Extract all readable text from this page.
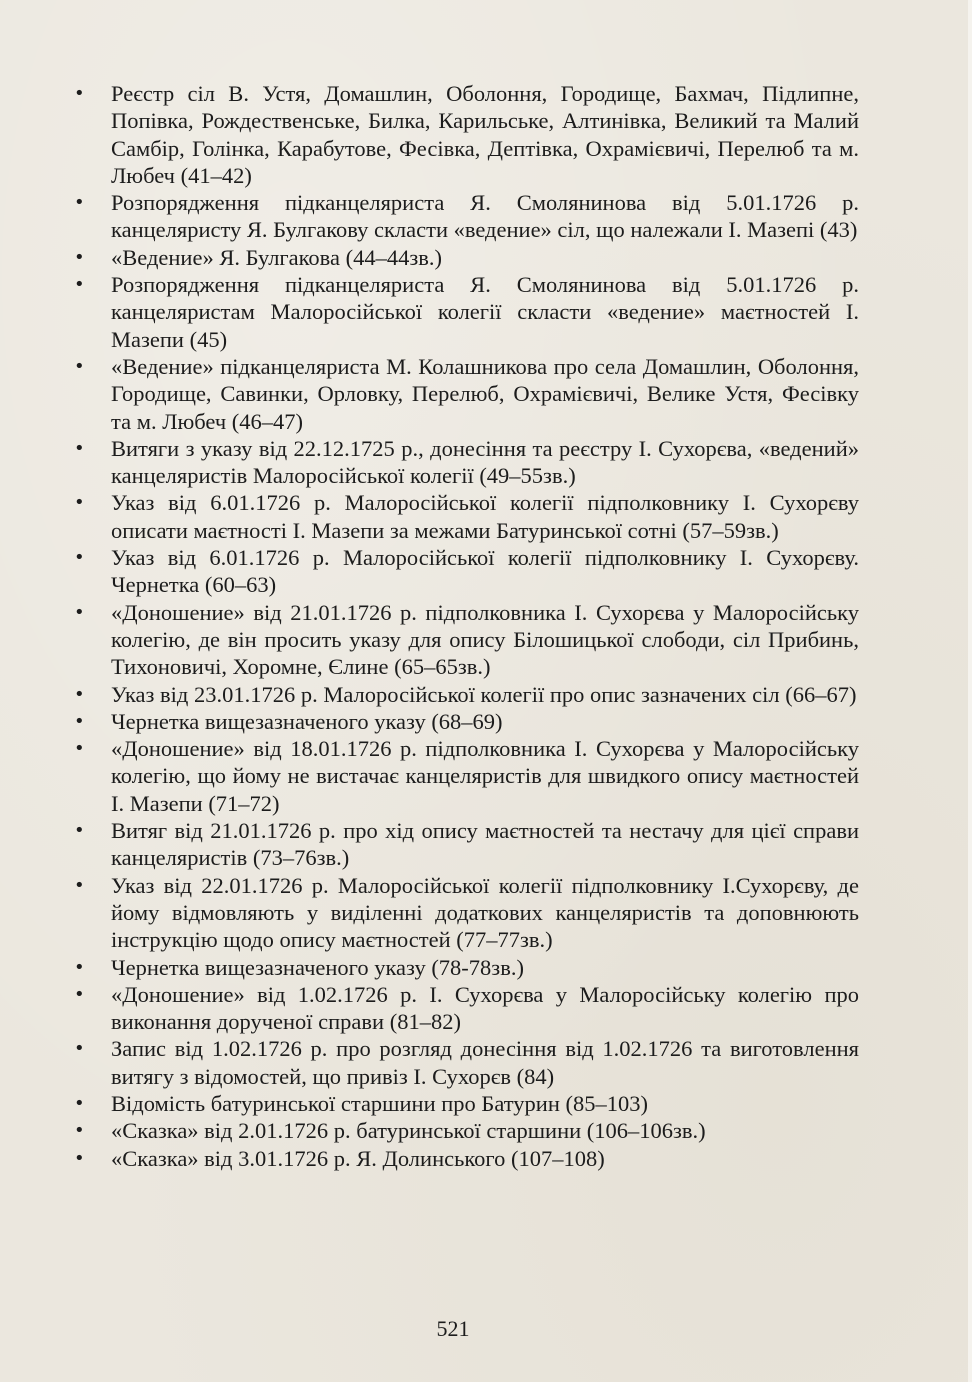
• Реєстр сіл В. Устя, Домашлин, Оболоння, Городище, Бахмач, Підлипне, Попівка, Рождественське, Билка, Карильське, Алтинівка, Великий та Малий Самбір, Голінка, Карабутове, Фесівка, Дептівка, Охрамієвичі, Перелюб та м. Любеч (41–42)
• Розпорядження підканцеляриста Я. Смолянинова від 5.01.1726 р. канцеляристу Я. Булгакову скласти «ведение» сіл, що належали І. Мазепі (43)
• «Ведение» Я. Булгакова (44–44зв.)
• Розпорядження підканцеляриста Я. Смолянинова від 5.01.1726 р. канцеляристам Малоросійської колегії скласти «ведение» маєтностей І. Мазепи (45)
• «Ведение» підканцеляриста М. Колашникова про села Домашлин, Оболоння, Городище, Савинки, Орловку, Перелюб, Охрамієвичі, Велике Устя, Фесівку та м. Любеч (46–47)
• Витяги з указу від 22.12.1725 р., донесіння та реєстру І. Сухорєва, «ведений» канцеляристів Малоросійської колегії (49–55зв.)
• Указ від 6.01.1726 р. Малоросійської колегії підполковнику І. Сухорєву описати маєтності І. Мазепи за межами Батуринської сотні (57–59зв.)
• Указ від 6.01.1726 р. Малоросійської колегії підполковнику І. Сухорєву. Чернетка (60–63)
• «Доношение» від 21.01.1726 р. підполковника І. Сухорєва у Малоросійську колегію, де він просить указу для опису Білошицької слободи, сіл Прибинь, Тихоновичі, Хоромне, Єлине (65–65зв.)
• Указ від 23.01.1726 р. Малоросійської колегії про опис зазначених сіл (66–67)
• Чернетка вищезазначеного указу (68–69)
• «Доношение» від 18.01.1726 р. підполковника І. Сухорєва у Малоросійську колегію, що йому не вистачає канцеляристів для швидкого опису маєтностей І. Мазепи (71–72)
• Витяг від 21.01.1726 р. про хід опису маєтностей та нестачу для цієї справи канцеляристів (73–76зв.)
• Указ від 22.01.1726 р. Малоросійської колегії підполковнику І.Сухорєву, де йому відмовляють у виділенні додаткових канцеляристів та доповнюють інструкцію щодо опису маєтностей (77–77зв.)
• Чернетка вищезазначеного указу (78-78зв.)
• «Доношение» від 1.02.1726 р. І. Сухорєва у Малоросійську колегію про виконання дорученої справи (81–82)
• Запис від 1.02.1726 р. про розгляд донесіння від 1.02.1726 та виготовлення витягу з відомостей, що привіз І. Сухорєв (84)
• Відомість батуринської старшини про Батурин (85–103)
• «Сказка» від 2.01.1726 р. батуринської старшини (106–106зв.)
• «Сказка» від 3.01.1726 р. Я. Долинського (107–108)
521
